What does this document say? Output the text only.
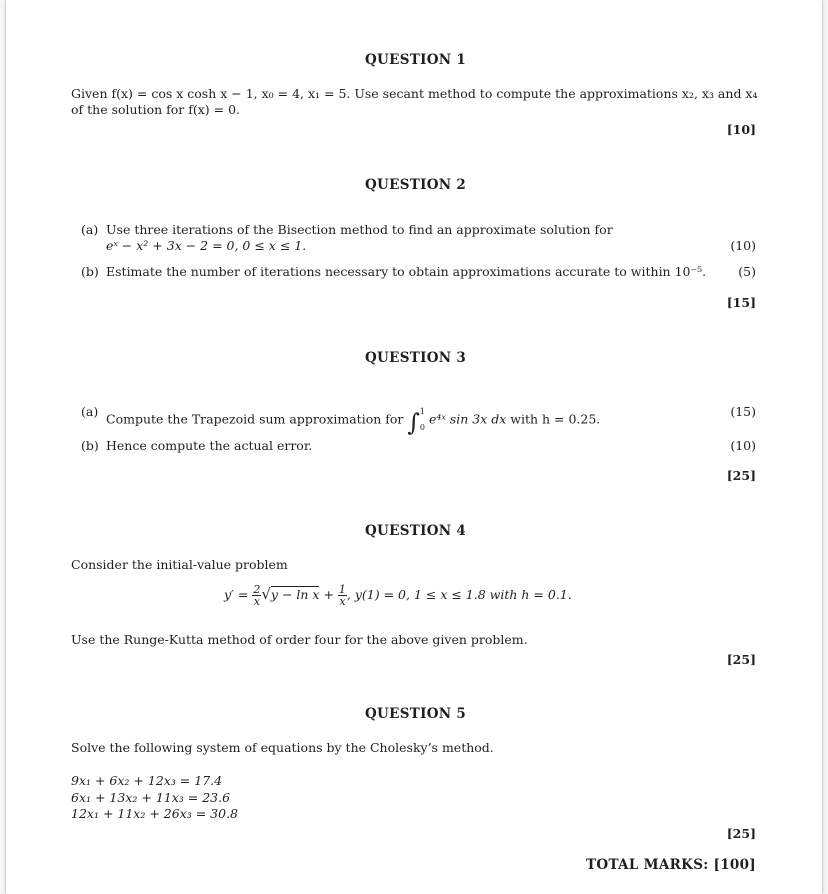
QUESTION 1
Given f(x) = cos x cosh x − 1, x₀ = 4, x₁ = 5. Use secant method to compute the approximations x₂, x₃ and x₄
of the solution for f(x) = 0.
[10]
QUESTION 2
(a) Use three iterations of the Bisection method to find an approximate solution for
eˣ − x² + 3x − 2 = 0, 0 ≤ x ≤ 1.	(10)
(b) Estimate the number of iterations necessary to obtain approximations accurate to within 10⁻⁵.	(5)
[15]
QUESTION 3
(a) Compute the Trapezoid sum approximation for ∫ 1
0
e⁴ˣ sin 3x dx with h = 0.25.	(15)
(b) Hence compute the actual error.	(10)
[25]
QUESTION 4
Consider the initial-value problem
$y' = \frac{2}{x} √y - \ln x + \frac{1}{x}$ , y(1) = 0, 1 ≤ x ≤ 1.8 with h = 0.1.
Use the Runge-Kutta method of order four for the above given problem.
[25]
QUESTION 5
Solve the following system of equations by the Cholesky’s method.
9x₁ + 6x₂ + 12x₃ = 17.4
6x₁ + 13x₂ + 11x₃ = 23.6
12x₁ + 11x₂ + 26x₃ = 30.8
[25]
TOTAL MARKS: [100]
